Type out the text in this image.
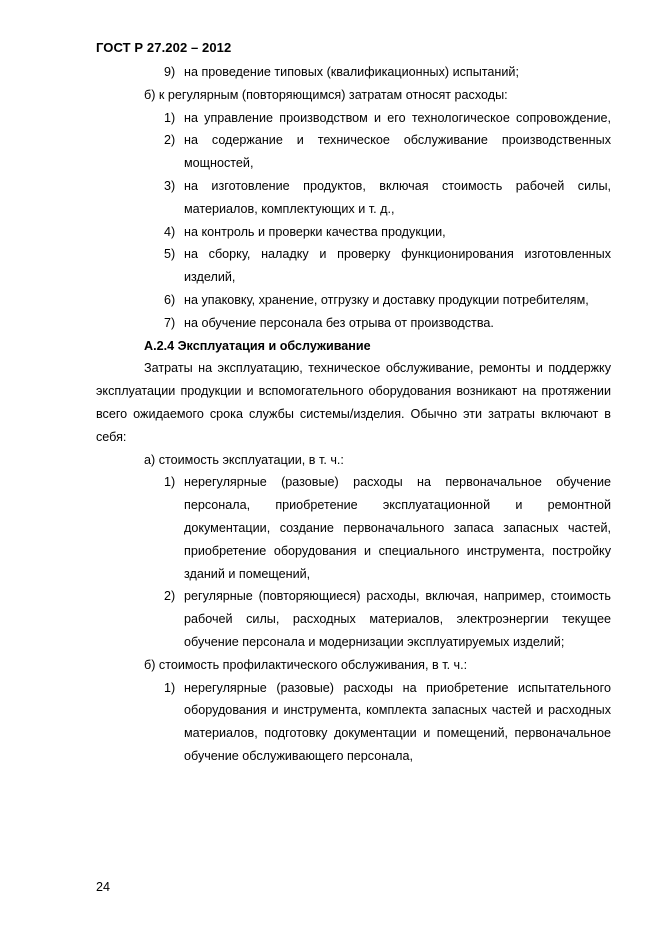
ГОСТ Р 27.202 – 2012
9) на проведение типовых (квалификационных) испытаний;
б) к регулярным (повторяющимся) затратам относят расходы:
1) на управление производством и его технологическое сопровождение,
2) на содержание и техническое обслуживание производственных мощностей,
3) на изготовление продуктов, включая стоимость рабочей силы, материалов, комплектующих и т. д.,
4) на контроль и проверки качества продукции,
5) на сборку, наладку и проверку функционирования изготовленных изделий,
6) на упаковку, хранение, отгрузку и доставку продукции потребителям,
7) на обучение персонала без отрыва от производства.
А.2.4 Эксплуатация и обслуживание
Затраты на эксплуатацию, техническое обслуживание, ремонты и поддержку эксплуатации продукции и вспомогательного оборудования возникают на протяжении всего ожидаемого срока службы системы/изделия. Обычно эти затраты включают в себя:
а) стоимость эксплуатации, в т. ч.:
1) нерегулярные (разовые) расходы на первоначальное обучение персонала, приобретение эксплуатационной и ремонтной документации, создание первоначального запаса запасных частей, приобретение оборудования и специального инструмента, постройку зданий и помещений,
2) регулярные (повторяющиеся) расходы, включая, например, стоимость рабочей силы, расходных материалов, электроэнергии текущее обучение персонала и модернизации эксплуатируемых изделий;
б) стоимость профилактического обслуживания, в т. ч.:
1) нерегулярные (разовые) расходы на приобретение испытательного оборудования и инструмента, комплекта запасных частей и расходных материалов, подготовку документации и помещений, первоначальное обучение обслуживающего персонала,
24
